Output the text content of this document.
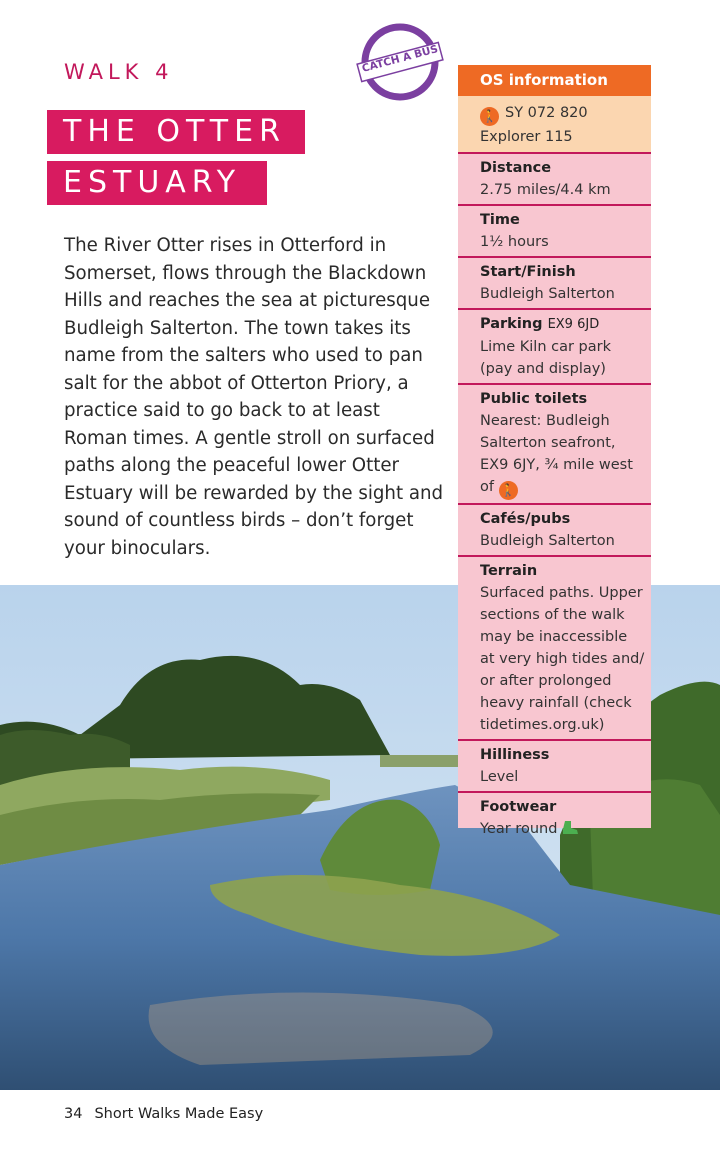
WALK 4
THE OTTER
ESTUARY

The River Otter rises in Otterford in Somerset, flows through the Blackdown Hills and reaches the sea at picturesque Budleigh Salterton. The town takes its name from the salters who used to pan salt for the abbot of Otterton Priory, a practice said to go back to at least Roman times. A gentle stroll on surfaced paths along the peaceful lower Otter Estuary will be rewarded by the sight and sound of countless birds – don’t forget your binoculars.

CATCH A BUS
OS information
🚶 SY 072 820
Explorer 115
Distance
2.75 miles/4.4 km
Time
1½ hours
Start/Finish
Budleigh Salterton
Parking EX9 6JD
Lime Kiln car park (pay and display)
Public toilets
Nearest: Budleigh Salterton seafront, EX9 6JY, ¾ mile west of 🚶
Cafés/pubs
Budleigh Salterton
Terrain
Surfaced paths. Upper sections of the walk may be inaccessible at very high tides and/ or after prolonged heavy rainfall (check tidetimes.org.uk)
Hilliness
Level
Footwear
Year round
34 Short Walks Made Easy
